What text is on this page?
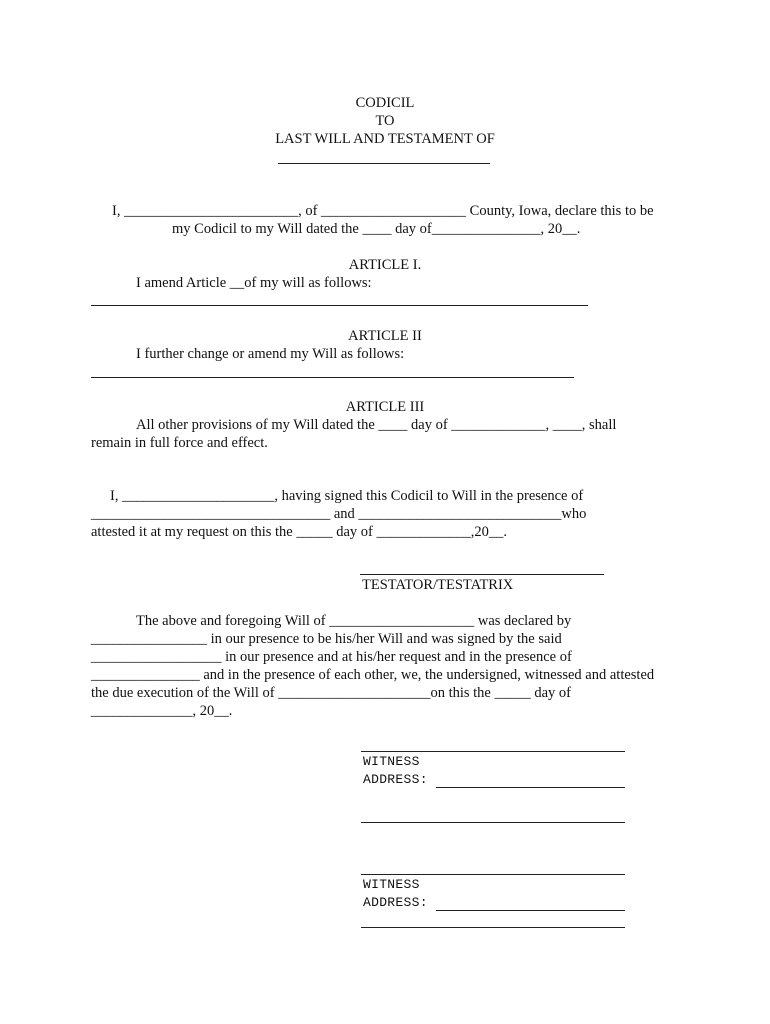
CODICIL
TO
LAST WILL AND TESTAMENT OF
I, ________________________, of ____________________ County, Iowa, declare this to be
my Codicil to my Will dated the ____ day of_______________, 20__.
ARTICLE I.
I amend Article __of my will as follows:
ARTICLE II
I further change or amend my Will as follows:
ARTICLE III
All other provisions of my Will dated the ____ day of _____________, ____, shall
remain in full force and effect.
I, _____________________, having signed this Codicil to Will in the presence of
_________________________________ and ____________________________who
attested it at my request on this the _____ day of _____________,20__.
TESTATOR/TESTATRIX
The above and foregoing Will of ____________________ was declared by
________________ in our presence to be his/her Will and was signed by the said
__________________ in our presence and at his/her request and in the presence of
_______________ and in the presence of each other, we, the undersigned, witnessed and attested
the due execution of the Will of _____________________on this the _____ day of
______________, 20__.
WITNESS
ADDRESS:
WITNESS
ADDRESS:
